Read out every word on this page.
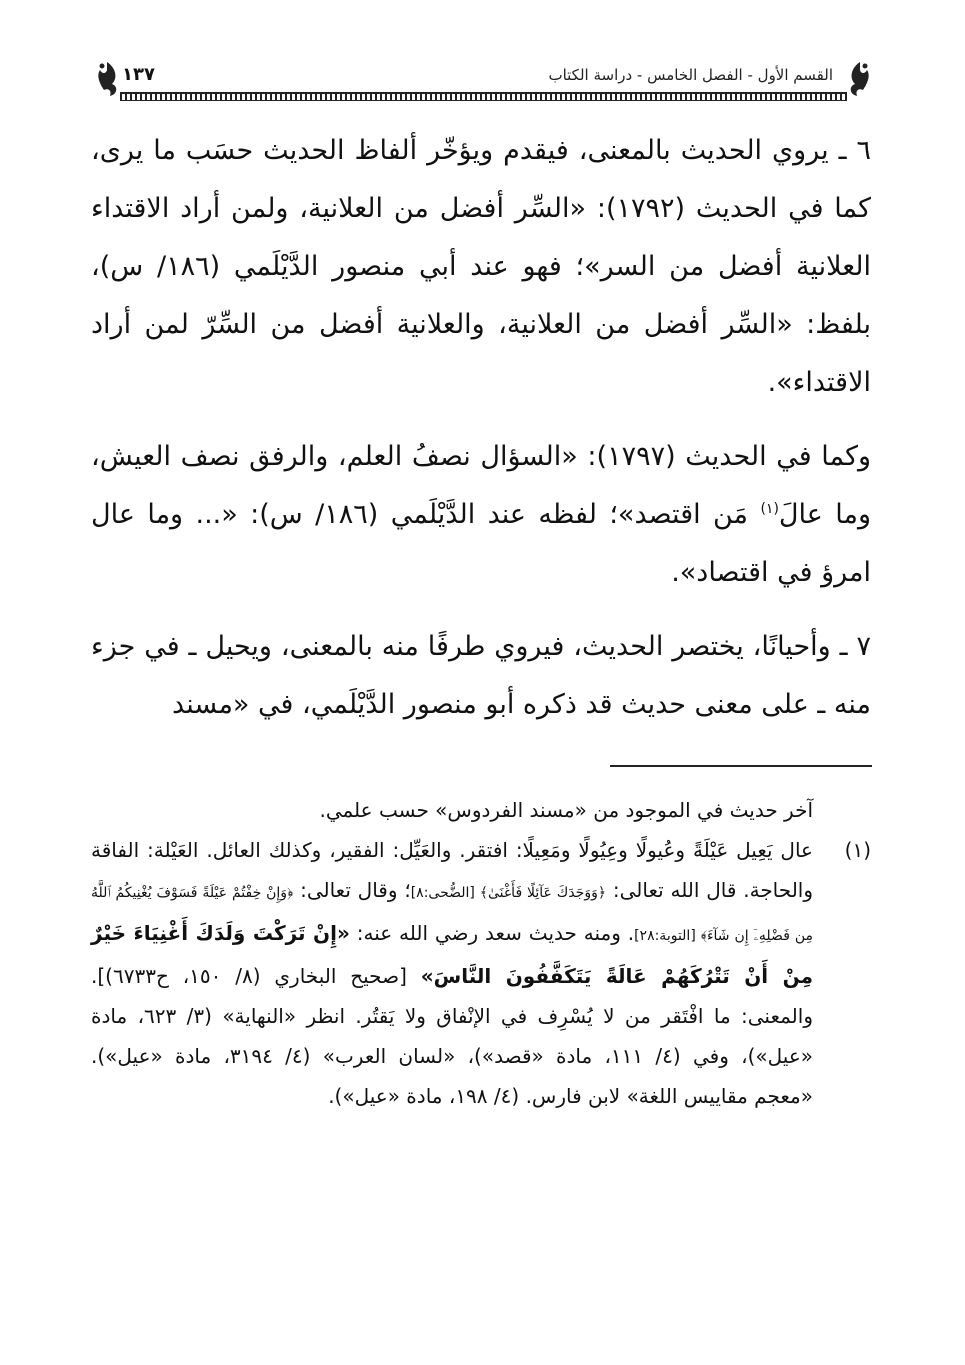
القسم الأول - الفصل الخامس - دراسة الكتاب
١٣٧

٦ ـ يروي الحديث بالمعنى، فيقدم ويؤخّر ألفاظ الحديث حسَب ما يرى، كما في الحديث (١٧٩٢): «السِّر أفضل من العلانية، ولمن أراد الاقتداء العلانية أفضل من السر»؛ فهو عند أبي منصور الدَّيْلَمي (١٨٦/ س)، بلفظ: «السِّر أفضل من العلانية، والعلانية أفضل من السِّرّ لمن أراد الاقتداء».

وكما في الحديث (١٧٩٧): «السؤال نصفُ العلم، والرفق نصف العيش، وما عالَ$^{(١)}$ مَن اقتصد»؛ لفظه عند الدَّيْلَمي (١٨٦/ س): «... وما عال امرؤ في اقتصاد».

٧ ـ وأحيانًا، يختصر الحديث، فيروي طرفًا منه بالمعنى، ويحيل ـ في جزء منه ـ على معنى حديث قد ذكره أبو منصور الدَّيْلَمي، في «مسند

آخر حديث في الموجود من «مسند الفردوس» حسب علمي.

(١)
عال يَعِيل عَيْلَةً وعُيولًا وعِيُولًا ومَعِيلًا: افتقر. والعَيِّل: الفقير، وكذلك العائل. العَيْلة: الفاقة والحاجة. قال الله تعالى: ﴿وَوَجَدَكَ عَآئِلًا فَأَغْنَىٰ﴾ [الضُّحى:٨]؛ وقال تعالى: ﴿وَإِنْ خِفْتُمْ عَيْلَةً فَسَوْفَ يُغْنِيكُمُ ٱللَّهُ مِن فَضْلِهِۦٓ إِن شَآءَ﴾ [التوبة:٢٨]. ومنه حديث سعد رضي الله عنه: «إِنْ تَرَكْتَ وَلَدَكَ أَغْنِيَاءَ خَيْرٌ مِنْ أَنْ تَتْرُكَهُمْ عَالَةً يَتَكَفَّفُونَ النَّاسَ» [صحيح البخاري (٨/ ١٥٠، ح٦٧٣٣)]. والمعنى: ما افْتَقر من لا يُسْرِف في الإنْفاق ولا يَقتُر. انظر «النهاية» (٣/ ٦٢٣، مادة «عيل»)، وفي (٤/ ١١١، مادة «قصد»)، «لسان العرب» (٤/ ٣١٩٤، مادة «عيل»). «معجم مقاييس اللغة» لابن فارس. (٤/ ١٩٨، مادة «عيل»).
